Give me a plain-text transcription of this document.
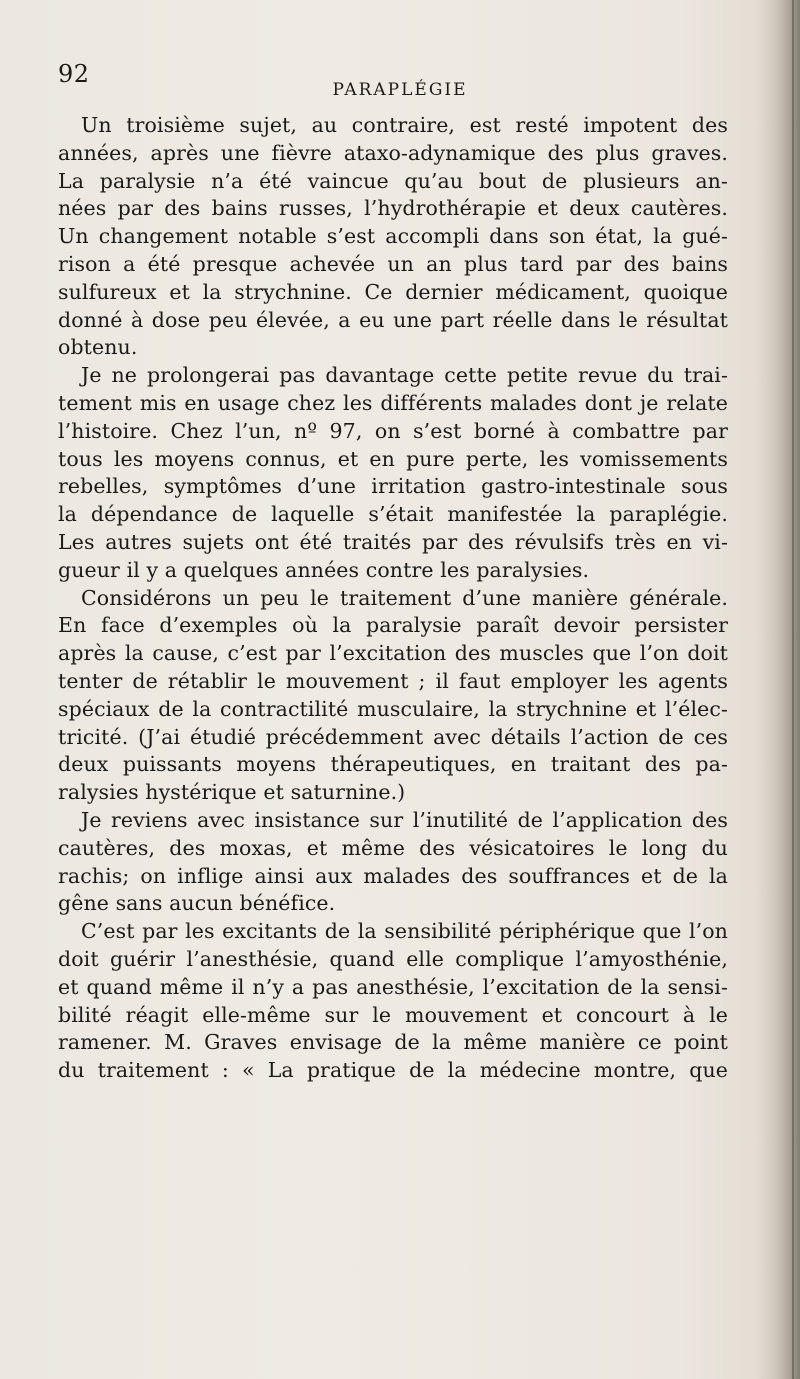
92

PARAPLÉGIE

Un troisième sujet, au contraire, est resté impotent des
années, après une fièvre ataxo-adynamique des plus graves.
La paralysie n’a été vaincue qu’au bout de plusieurs an-
nées par des bains russes, l’hydrothérapie et deux cautères.
Un changement notable s’est accompli dans son état, la gué-
rison a été presque achevée un an plus tard par des bains
sulfureux et la strychnine. Ce dernier médicament, quoique
donné à dose peu élevée, a eu une part réelle dans le résultat
obtenu.
Je ne prolongerai pas davantage cette petite revue du trai-
tement mis en usage chez les différents malades dont je relate
l’histoire. Chez l’un, nº 97, on s’est borné à combattre par
tous les moyens connus, et en pure perte, les vomissements
rebelles, symptômes d’une irritation gastro-intestinale sous
la dépendance de laquelle s’était manifestée la paraplégie.
Les autres sujets ont été traités par des révulsifs très en vi-
gueur il y a quelques années contre les paralysies.
Considérons un peu le traitement d’une manière générale.
En face d’exemples où la paralysie paraît devoir persister
après la cause, c’est par l’excitation des muscles que l’on doit
tenter de rétablir le mouvement ; il faut employer les agents
spéciaux de la contractilité musculaire, la strychnine et l’élec-
tricité. (J’ai étudié précédemment avec détails l’action de ces
deux puissants moyens thérapeutiques, en traitant des pa-
ralysies hystérique et saturnine.)
Je reviens avec insistance sur l’inutilité de l’application des
cautères, des moxas, et même des vésicatoires le long du
rachis; on inflige ainsi aux malades des souffrances et de la
gêne sans aucun bénéfice.
C’est par les excitants de la sensibilité périphérique que l’on
doit guérir l’anesthésie, quand elle complique l’amyosthénie,
et quand même il n’y a pas anesthésie, l’excitation de la sensi-
bilité réagit elle-même sur le mouvement et concourt à le
ramener. M. Graves envisage de la même manière ce point
du traitement : « La pratique de la médecine montre, que
